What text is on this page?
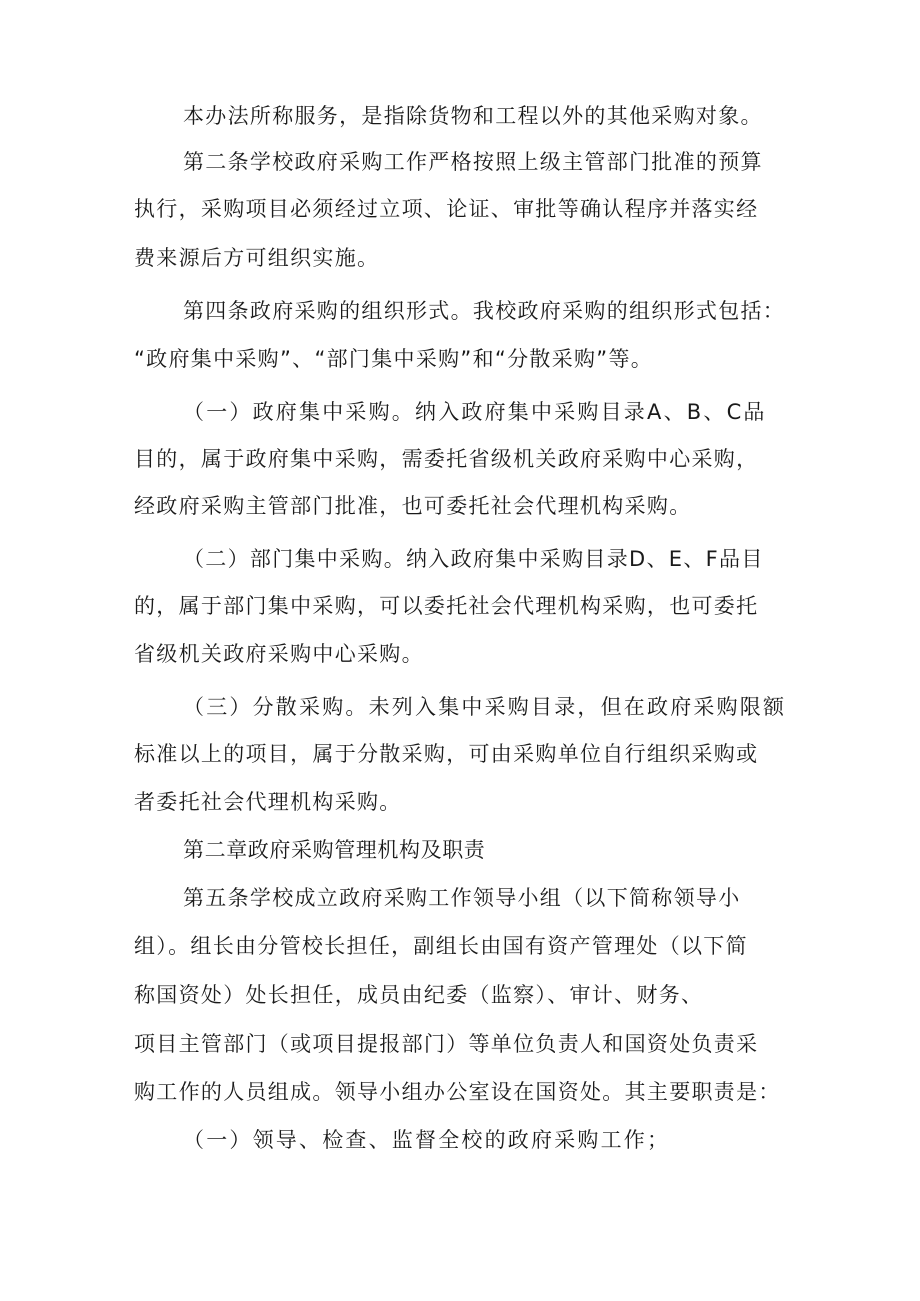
本办法所称服务，是指除货物和工程以外的其他采购对象。
第二条学校政府采购工作严格按照上级主管部门批准的预算
执行，采购项目必须经过立项、论证、审批等确认程序并落实经
费来源后方可组织实施。
第四条政府采购的组织形式。我校政府采购的组织形式包括：
“政府集中采购”、“部门集中采购”和“分散采购”等。
（一）政府集中采购。纳入政府集中采购目录A、B、C品
目的，属于政府集中采购，需委托省级机关政府采购中心采购，
经政府采购主管部门批准，也可委托社会代理机构采购。
（二）部门集中采购。纳入政府集中采购目录D、E、F品目
的，属于部门集中采购，可以委托社会代理机构采购，也可委托
省级机关政府采购中心采购。
（三）分散采购。未列入集中采购目录，但在政府采购限额
标准以上的项目，属于分散采购，可由采购单位自行组织采购或
者委托社会代理机构采购。
第二章政府采购管理机构及职责
第五条学校成立政府采购工作领导小组（以下简称领导小
组）。组长由分管校长担任，副组长由国有资产管理处（以下简
称国资处）处长担任，成员由纪委（监察）、审计、财务、
项目主管部门（或项目提报部门）等单位负责人和国资处负责采
购工作的人员组成。领导小组办公室设在国资处。其主要职责是：
（一）领导、检查、监督全校的政府采购工作；
